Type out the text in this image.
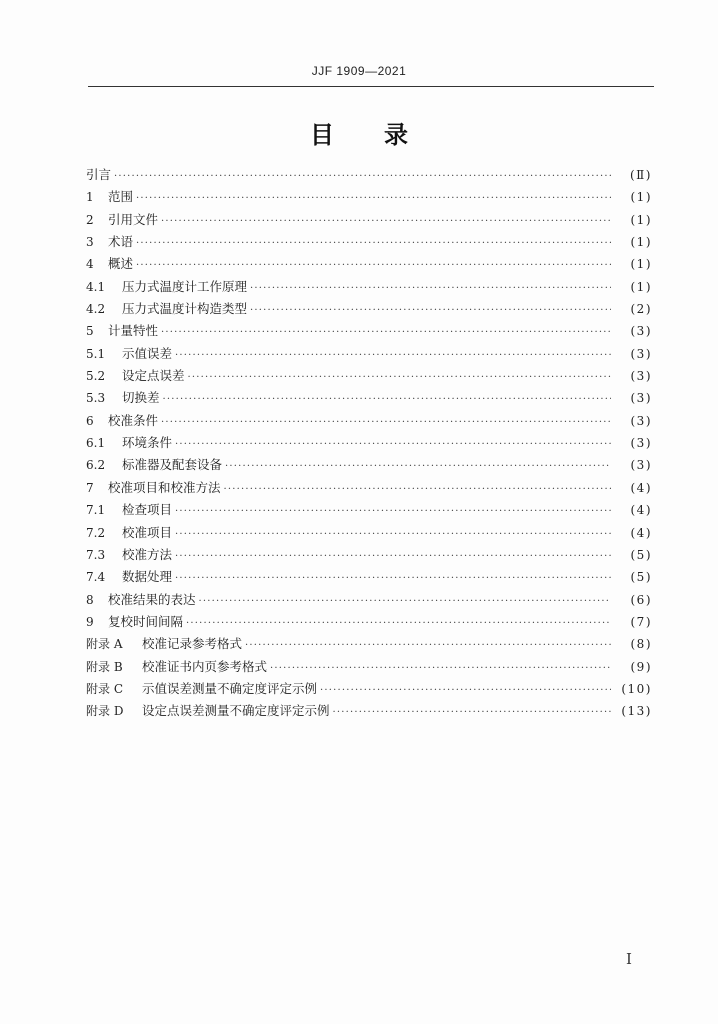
JJF 1909—2021
目 录
引言 ·····	(Ⅱ)
1	范围 ·····	(1)
2	引用文件 ·····	(1)
3	术语 ·····	(1)
4	概述 ·····	(1)
4.1	压力式温度计工作原理 ·····	(1)
4.2	压力式温度计构造类型 ·····	(2)
5	计量特性 ·····	(3)
5.1	示值误差 ·····	(3)
5.2	设定点误差 ·····	(3)
5.3	切换差 ·····	(3)
6	校准条件 ·····	(3)
6.1	环境条件 ·····	(3)
6.2	标准器及配套设备 ·····	(3)
7	校准项目和校准方法 ·····	(4)
7.1	检查项目 ·····	(4)
7.2	校准项目 ·····	(4)
7.3	校准方法 ·····	(5)
7.4	数据处理 ·····	(5)
8	校准结果的表达 ·····	(6)
9	复校时间间隔 ·····	(7)
附录 A	校准记录参考格式 ·····	(8)
附录 B	校准证书内页参考格式 ·····	(9)
附录 C	示值误差测量不确定度评定示例 ·····	(10)
附录 D	设定点误差测量不确定度评定示例 ·····	(13)
Ⅰ
